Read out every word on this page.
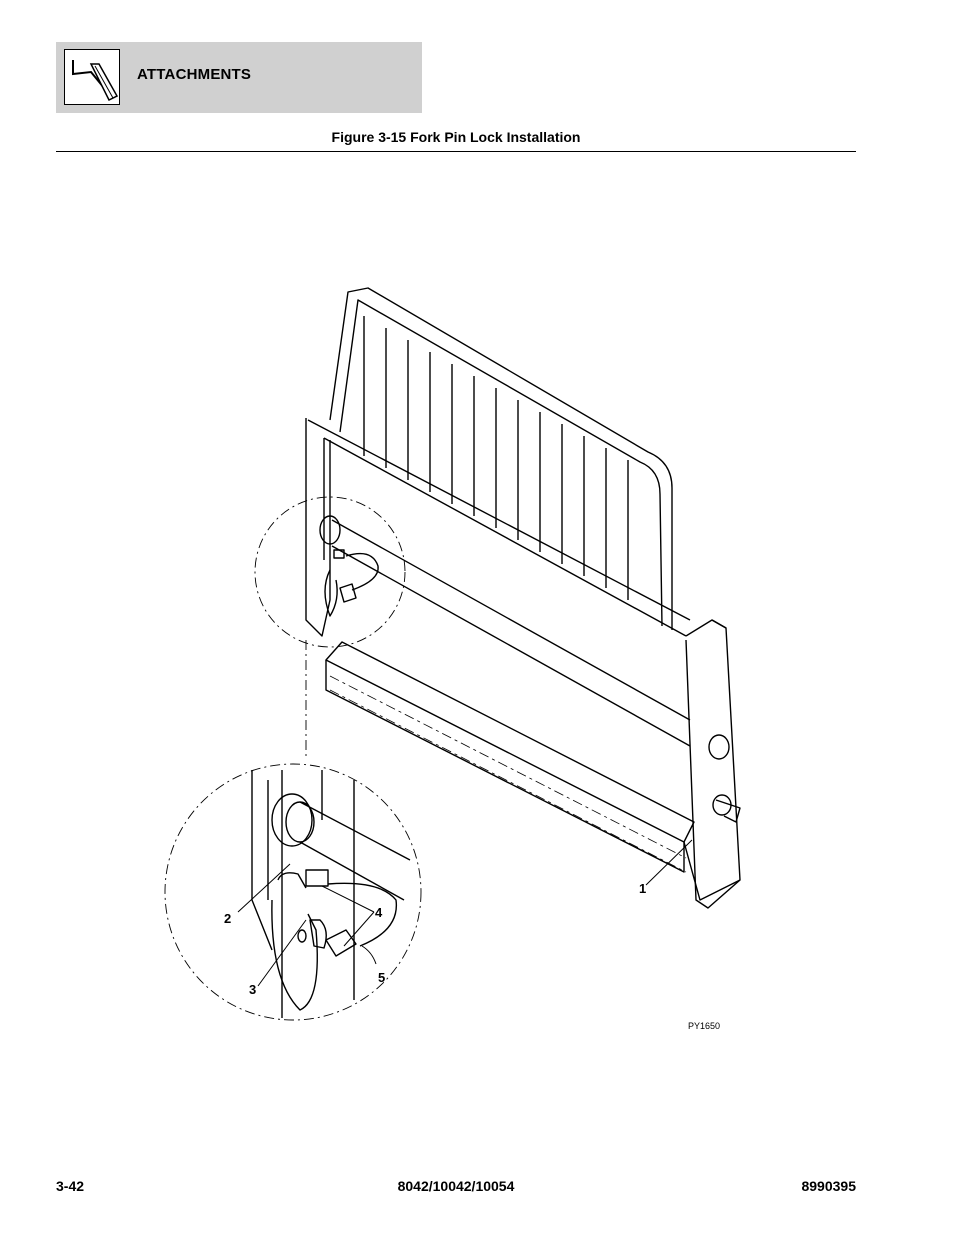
ATTACHMENTS
Figure 3-15 Fork Pin Lock Installation
1
2
3
4
5
PY1650
3-42	8042/10042/10054	8990395
